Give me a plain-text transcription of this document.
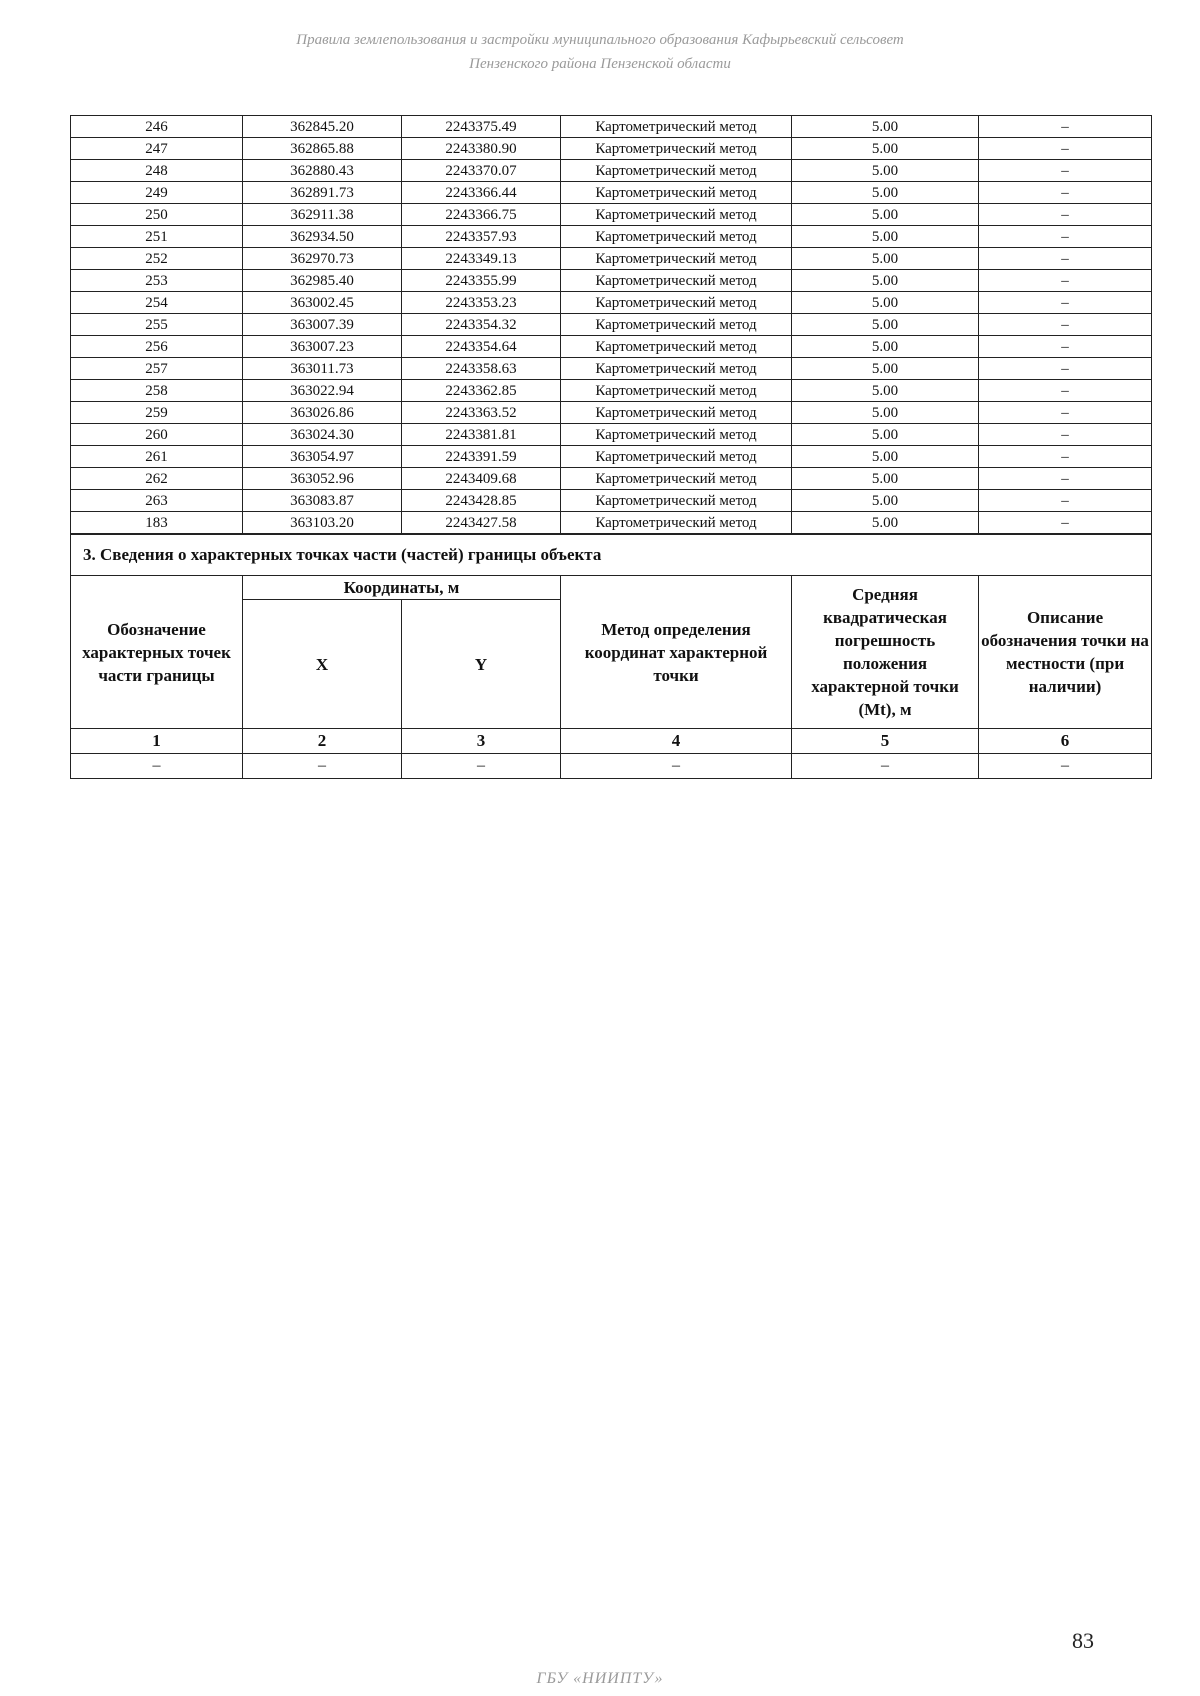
Правила землепользования и застройки муниципального образования Кафырьевский сельсовет
Пензенского района Пензенской области
246	362845.20	2243375.49	Картометрический метод	5.00	–
247	362865.88	2243380.90	Картометрический метод	5.00	–
248	362880.43	2243370.07	Картометрический метод	5.00	–
249	362891.73	2243366.44	Картометрический метод	5.00	–
250	362911.38	2243366.75	Картометрический метод	5.00	–
251	362934.50	2243357.93	Картометрический метод	5.00	–
252	362970.73	2243349.13	Картометрический метод	5.00	–
253	362985.40	2243355.99	Картометрический метод	5.00	–
254	363002.45	2243353.23	Картометрический метод	5.00	–
255	363007.39	2243354.32	Картометрический метод	5.00	–
256	363007.23	2243354.64	Картометрический метод	5.00	–
257	363011.73	2243358.63	Картометрический метод	5.00	–
258	363022.94	2243362.85	Картометрический метод	5.00	–
259	363026.86	2243363.52	Картометрический метод	5.00	–
260	363024.30	2243381.81	Картометрический метод	5.00	–
261	363054.97	2243391.59	Картометрический метод	5.00	–
262	363052.96	2243409.68	Картометрический метод	5.00	–
263	363083.87	2243428.85	Картометрический метод	5.00	–
183	363103.20	2243427.58	Картометрический метод	5.00	–
3. Сведения о характерных точках части (частей) границы объекта					
Обозначение характерных точек части границы	Координаты, м		Метод определения координат характерной точки	Средняя квадратическая погрешность положения характерной точки (Mt), м	Описание обозначения точки на местности (при наличии)
	X	Y			
1	2	3	4	5	6
–	–	–	–	–	–
83
ГБУ «НИИПТУ»
